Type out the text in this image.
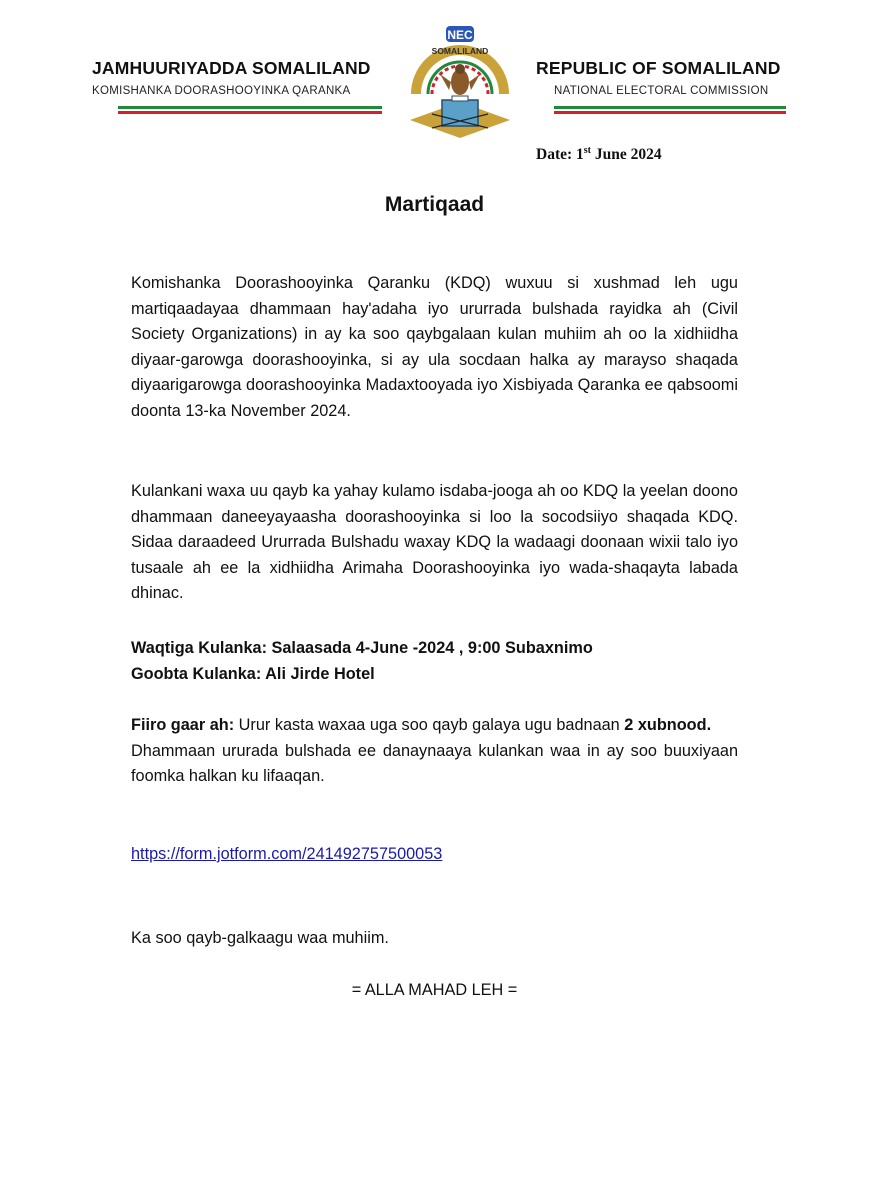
JAMHUURIYADDA SOMALILAND
KOMISHANKA DOORASHOOYINKA QARANKA
NEC
SOMALILAND
REPUBLIC OF SOMALILAND
NATIONAL ELECTORAL COMMISSION
Date: 1st June 2024
Martiqaad
Komishanka Doorashooyinka Qaranku (KDQ) wuxuu si xushmad leh ugu martiqaadayaa dhammaan hay'adaha iyo ururrada bulshada rayidka ah (Civil Society Organizations) in ay ka soo qaybgalaan kulan muhiim ah oo la xidhiidha diyaar-garowga doorashooyinka, si ay ula socdaan halka ay marayso shaqada diyaarigarowga doorashooyinka Madaxtooyada iyo Xisbiyada Qaranka ee qabsoomi doonta 13-ka November 2024.
Kulankani waxa uu qayb ka yahay kulamo isdaba-jooga ah oo KDQ la yeelan doono dhammaan daneeyayaasha doorashooyinka si loo la socodsiiyo shaqada KDQ. Sidaa daraadeed Ururrada Bulshadu waxay KDQ la wadaagi doonaan wixii talo iyo tusaale ah ee la xidhiidha Arimaha Doorashooyinka iyo wada-shaqayta labada dhinac.
Waqtiga Kulanka: Salaasada 4-June -2024 , 9:00 Subaxnimo
Goobta Kulanka: Ali Jirde Hotel
Fiiro gaar ah: Urur kasta waxaa uga soo qayb galaya ugu badnaan 2 xubnood.
Dhammaan ururada bulshada ee danaynaaya kulankan waa in ay soo buuxiyaan foomka halkan ku lifaaqan.
https://form.jotform.com/241492757500053
Ka soo qayb-galkaagu waa muhiim.
= ALLA MAHAD LEH =
